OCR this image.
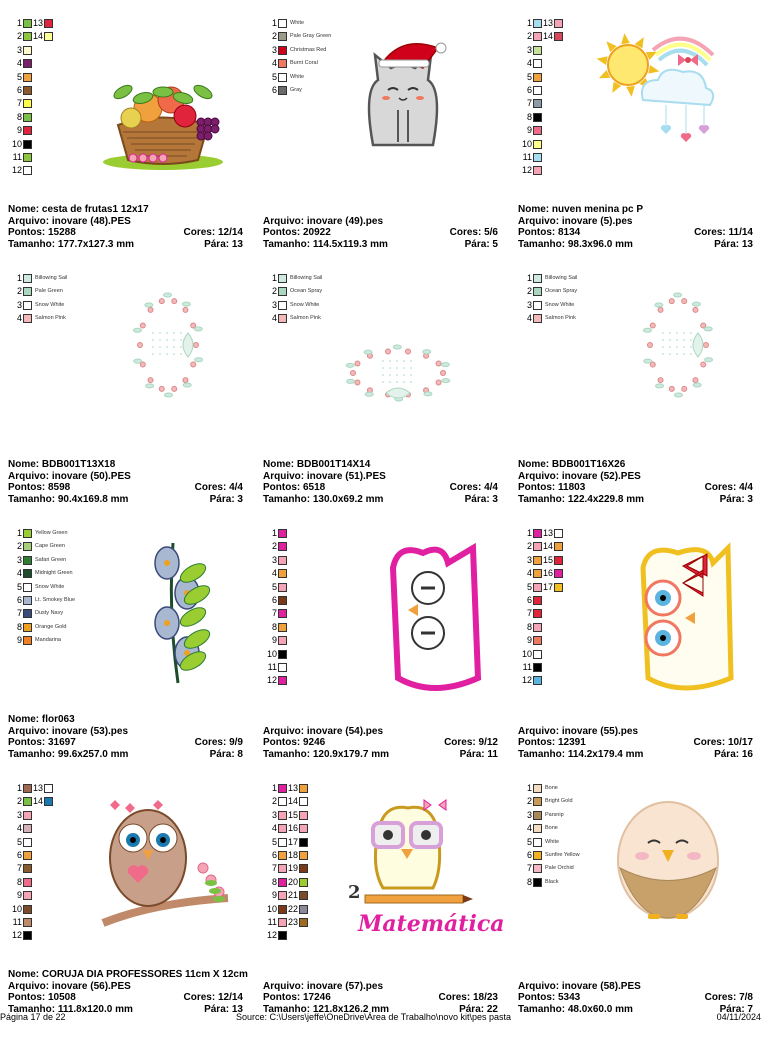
1 13
2 14
3
4
5
6
7
8
9
10
11
12
Nome: cesta de frutas1 12x17
Arquivo: inovare (48).PES
Pontos: 15288	Cores: 12/14
Tamanho: 177.7x127.3 mm	Pára: 13
1 White
2 Pale Gray Green
3 Christmas Red
4 Burnt Coral
5 White
6 Gray
Arquivo: inovare (49).pes
Pontos: 20922	Cores: 5/6
Tamanho: 114.5x119.3 mm	Pára: 5
1 13
2 14
3
4
5
6
7
8
9
10
11
12
Nome: nuven menina pc P
Arquivo: inovare (5).pes
Pontos: 8134	Cores: 11/14
Tamanho: 98.3x96.0 mm	Pára: 13
1 Billowing Sail
2 Pale Green
3 Snow White
4 Salmon Pink
Nome: BDB001T13X18
Arquivo: inovare (50).PES
Pontos: 8598	Cores: 4/4
Tamanho: 90.4x169.8 mm	Pára: 3
1 Billowing Sail
2 Ocean Spray
3 Snow White
4 Salmon Pink
Nome: BDB001T14X14
Arquivo: inovare (51).PES
Pontos: 6518	Cores: 4/4
Tamanho: 130.0x69.2 mm	Pára: 3
1 Billowing Sail
2 Ocean Spray
3 Snow White
4 Salmon Pink
Nome: BDB001T16X26
Arquivo: inovare (52).PES
Pontos: 11803	Cores: 4/4
Tamanho: 122.4x229.8 mm	Pára: 3
1 Yellow Green
2 Cape Green
3 Safari Green
4 Midnight Green
5 Snow White
6 Lt. Smokey Blue
7 Dusty Navy
8 Orange Gold
9 Mandarina
Nome: flor063
Arquivo: inovare (53).pes
Pontos: 31697	Cores: 9/9
Tamanho: 99.6x257.0 mm	Pára: 8
1
2
3
4
5
6
7
8
9
10
11
12
Arquivo: inovare (54).pes
Pontos: 9246	Cores: 9/12
Tamanho: 120.9x179.7 mm	Pára: 11
1 13
2 14
3 15
4 16
5 17
6
7
8
9
10
11
12
Arquivo: inovare (55).pes
Pontos: 12391	Cores: 10/17
Tamanho: 114.2x179.4 mm	Pára: 16
1 13
2 14
3
4
5
6
7
8
9
10
11
12
Nome: CORUJA DIA PROFESSORES 11cm X 12cm
Arquivo: inovare (56).PES
Pontos: 10508	Cores: 12/14
Tamanho: 111.8x120.0 mm	Pára: 13
1 13
2 14
3 15
4 16
5 17
6 18
7 19
8 20
9 21
10 22
11 23
12
2
Matemática
Arquivo: inovare (57).pes
Pontos: 17246	Cores: 18/23
Tamanho: 121.8x126.2 mm	Pára: 22
1 Bone
2 Bright Gold
3 Parsnip
4 Bone
5 White
6 Sunfire Yellow
7 Pale Orchid
8 Black
Arquivo: inovare (58).PES
Pontos: 5343	Cores: 7/8
Tamanho: 48.0x60.0 mm	Pára: 7
Página 17 de 22	Source: C:\Users\jeffe\OneDrive\Área de Trabalho\novo kit\pes pasta	04/11/2024
